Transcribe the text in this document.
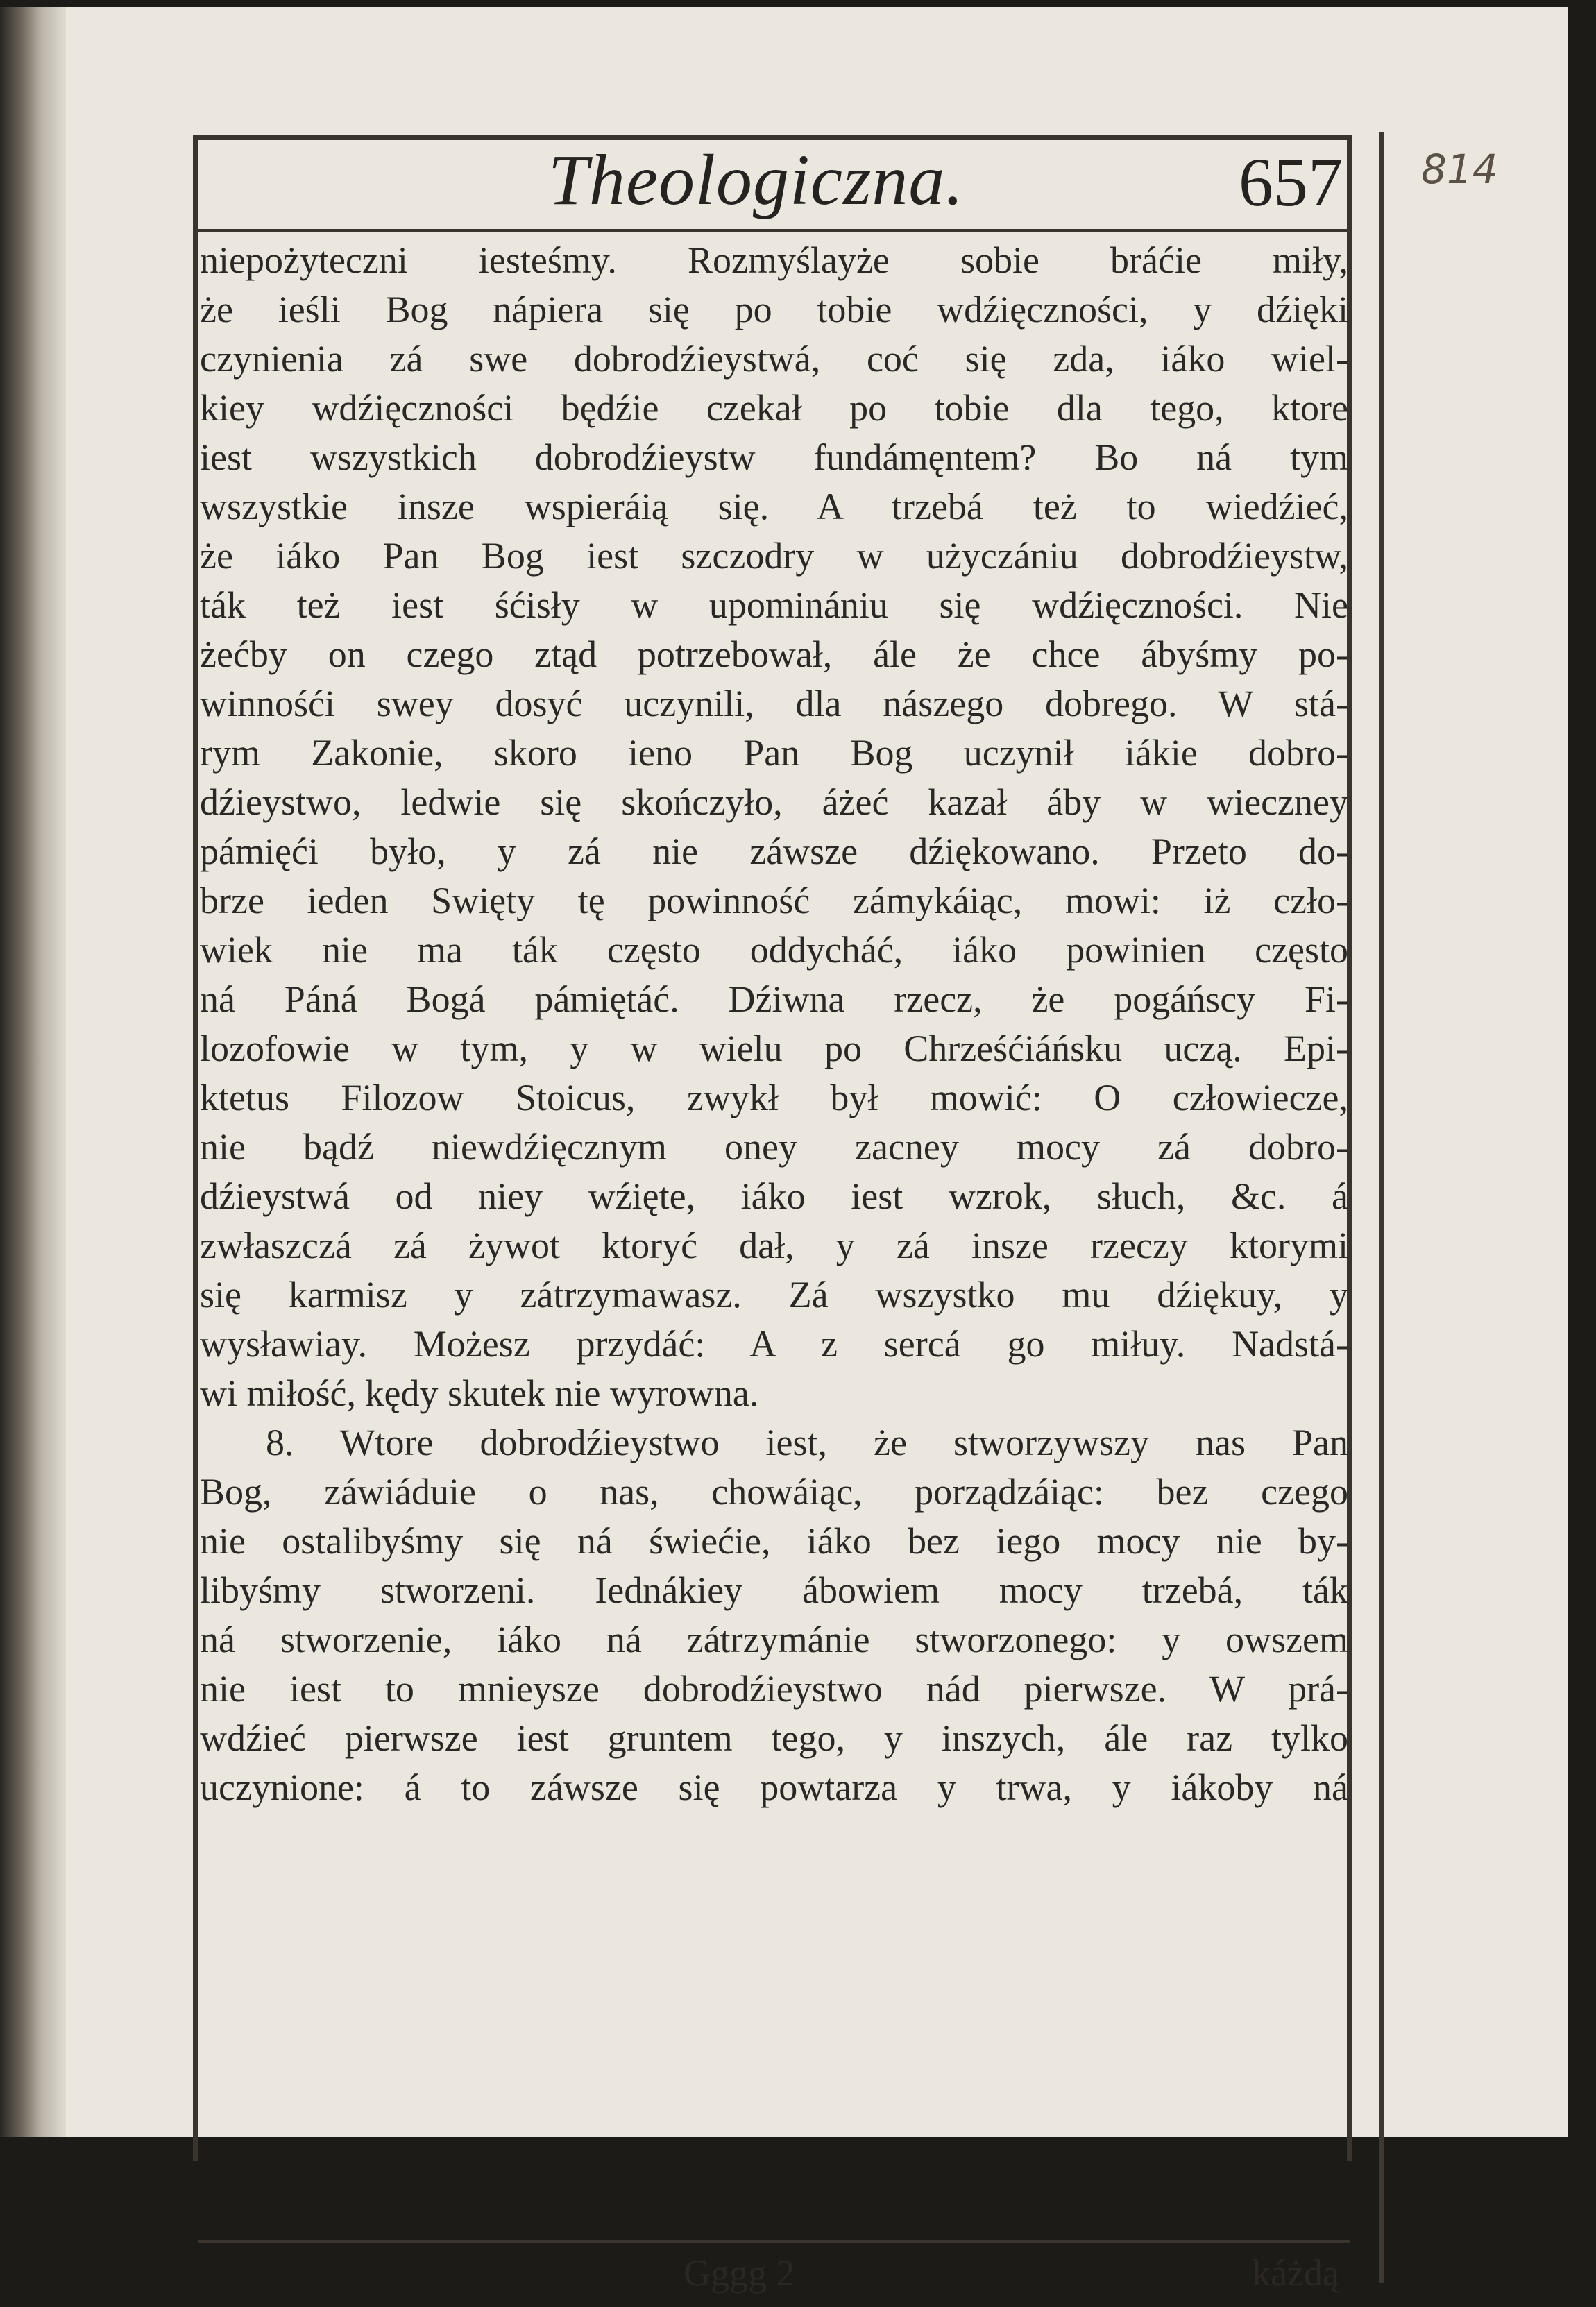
Theologiczna.	657 814
niepożyteczni iesteśmy. Rozmyślayże sobie bráćie miły,
że ieśli Bog nápiera się po tobie wdźięczności, y dźięki
czynienia zá swe dobrodźieystwá, coć się zda, iáko wiel-
kiey wdźięczności będźie czekał po tobie dla tego, ktore
iest wszystkich dobrodźieystw fundámęntem? Bo ná tym
wszystkie insze wspieráią się. A trzebá też to wiedźieć,
że iáko Pan Bog iest szczodry w użyczániu dobrodźieystw,
ták też iest śćisły w upominániu się wdźięczności. Nie
żećby on czego ztąd potrzebował, ále że chce ábyśmy po-
winnośći swey dosyć uczynili, dla nászego dobrego. W stá-
rym Zakonie, skoro ieno Pan Bog uczynił iákie dobro-
dźieystwo, ledwie się skończyło, áżeć kazał áby w wieczney
pámięći było, y zá nie záwsze dźiękowano. Przeto do-
brze ieden Swięty tę powinność zámykáiąc, mowi: iż czło-
wiek nie ma ták często oddycháć, iáko powinien często
ná Páná Bogá pámiętáć. Dźiwna rzecz, że pogáńscy Fi-
lozofowie w tym, y w wielu po Chrześćiáńsku uczą. Epi-
ktetus Filozow Stoicus, zwykł był mowić: O człowiecze,
nie bądź niewdźięcznym oney zacney mocy zá dobro-
dźieystwá od niey wźięte, iáko iest wzrok, słuch, &c. á
zwłaszczá zá żywot ktoryć dał, y zá insze rzeczy ktorymi
się karmisz y zátrzymawasz. Zá wszystko mu dźiękuy, y
wysławiay. Możesz przydáć: A z sercá go miłuy. Nadstá-
wi miłość, kędy skutek nie wyrowna.
8. Wtore dobrodźieystwo iest, że stworzywszy nas Pan
Bog, záwiáduie o nas, chowáiąc, porządzáiąc: bez czego
nie ostalibyśmy się ná świećie, iáko bez iego mocy nie by-
libyśmy stworzeni. Iednákiey ábowiem mocy trzebá, ták
ná stworzenie, iáko ná zátrzymánie stworzonego: y owszem
nie iest to mnieysze dobrodźieystwo nád pierwsze. W prá-
wdźieć pierwsze iest gruntem tego, y inszych, ále raz tylko
uczynione: á to záwsze się powtarza y trwa, y iákoby ná
Gggg 2	káżdą
